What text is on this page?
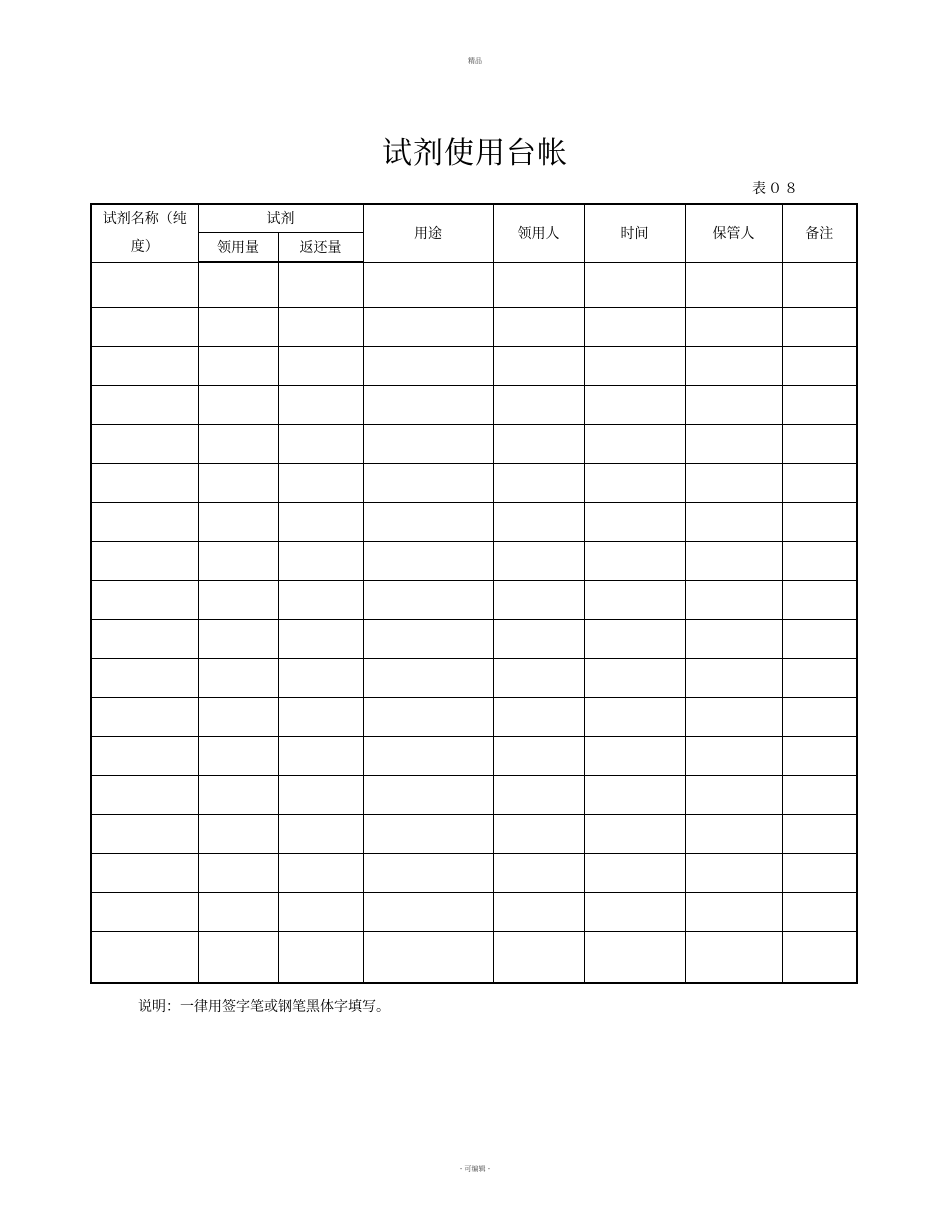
精品
试剂使用台帐
表０８
试剂名称（纯
度）	试剂		用途	领用人	时间	保管人	备注
	领用量	返还量					

说明：一律用签字笔或钢笔黑体字填写。
- 可编辑 -
